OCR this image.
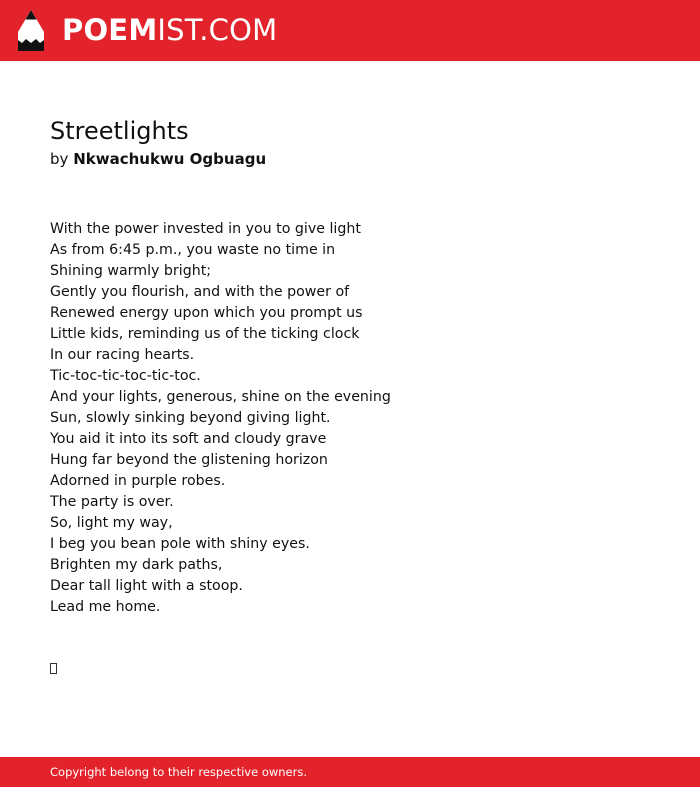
POEMIST.COM
Streetlights
by Nkwachukwu Ogbuagu
With the power invested in you to give light
As from 6:45 p.m., you waste no time in
Shining warmly bright;
Gently you flourish, and with the power of
Renewed energy upon which you prompt us
Little kids, reminding us of the ticking clock
In our racing hearts.
Tic-toc-tic-toc-tic-toc.
And your lights, generous, shine on the evening
Sun, slowly sinking beyond giving light.
You aid it into its soft and cloudy grave
Hung far beyond the glistening horizon
Adorned in purple robes.
The party is over.
So, light my way,
I beg you bean pole with shiny eyes.
Brighten my dark paths,
Dear tall light with a stoop.
Lead me home.
Copyright belong to their respective owners.
